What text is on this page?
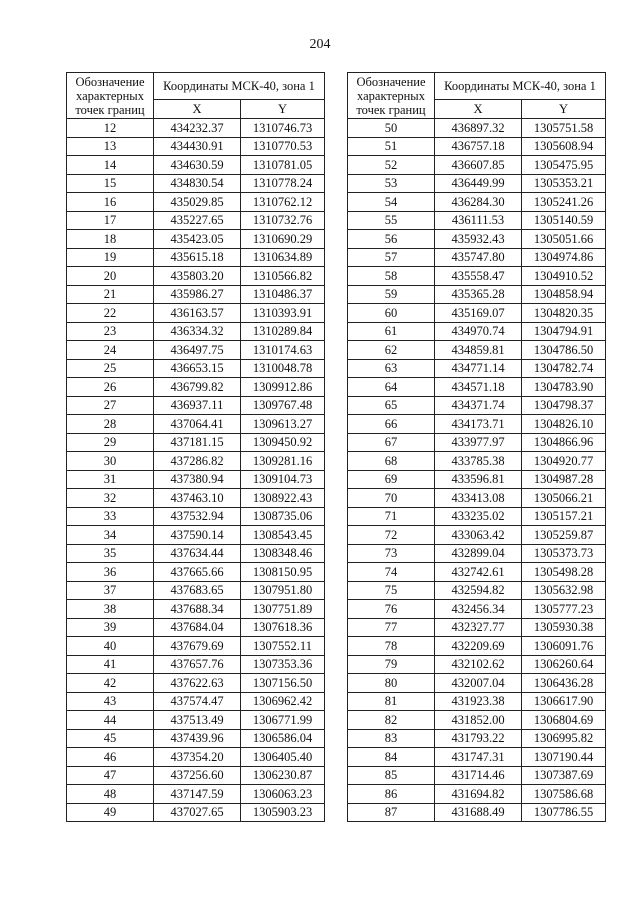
204
Обозначение характерных точек границ	Координаты МСК-40, зона 1	
	X	Y
12	434232.37	1310746.73
13	434430.91	1310770.53
14	434630.59	1310781.05
15	434830.54	1310778.24
16	435029.85	1310762.12
17	435227.65	1310732.76
18	435423.05	1310690.29
19	435615.18	1310634.89
20	435803.20	1310566.82
21	435986.27	1310486.37
22	436163.57	1310393.91
23	436334.32	1310289.84
24	436497.75	1310174.63
25	436653.15	1310048.78
26	436799.82	1309912.86
27	436937.11	1309767.48
28	437064.41	1309613.27
29	437181.15	1309450.92
30	437286.82	1309281.16
31	437380.94	1309104.73
32	437463.10	1308922.43
33	437532.94	1308735.06
34	437590.14	1308543.45
35	437634.44	1308348.46
36	437665.66	1308150.95
37	437683.65	1307951.80
38	437688.34	1307751.89
39	437684.04	1307618.36
40	437679.69	1307552.11
41	437657.76	1307353.36
42	437622.63	1307156.50
43	437574.47	1306962.42
44	437513.49	1306771.99
45	437439.96	1306586.04
46	437354.20	1306405.40
47	437256.60	1306230.87
48	437147.59	1306063.23
49	437027.65	1305903.23
Обозначение характерных точек границ	Координаты МСК-40, зона 1	
	X	Y
50	436897.32	1305751.58
51	436757.18	1305608.94
52	436607.85	1305475.95
53	436449.99	1305353.21
54	436284.30	1305241.26
55	436111.53	1305140.59
56	435932.43	1305051.66
57	435747.80	1304974.86
58	435558.47	1304910.52
59	435365.28	1304858.94
60	435169.07	1304820.35
61	434970.74	1304794.91
62	434859.81	1304786.50
63	434771.14	1304782.74
64	434571.18	1304783.90
65	434371.74	1304798.37
66	434173.71	1304826.10
67	433977.97	1304866.96
68	433785.38	1304920.77
69	433596.81	1304987.28
70	433413.08	1305066.21
71	433235.02	1305157.21
72	433063.42	1305259.87
73	432899.04	1305373.73
74	432742.61	1305498.28
75	432594.82	1305632.98
76	432456.34	1305777.23
77	432327.77	1305930.38
78	432209.69	1306091.76
79	432102.62	1306260.64
80	432007.04	1306436.28
81	431923.38	1306617.90
82	431852.00	1306804.69
83	431793.22	1306995.82
84	431747.31	1307190.44
85	431714.46	1307387.69
86	431694.82	1307586.68
87	431688.49	1307786.55
